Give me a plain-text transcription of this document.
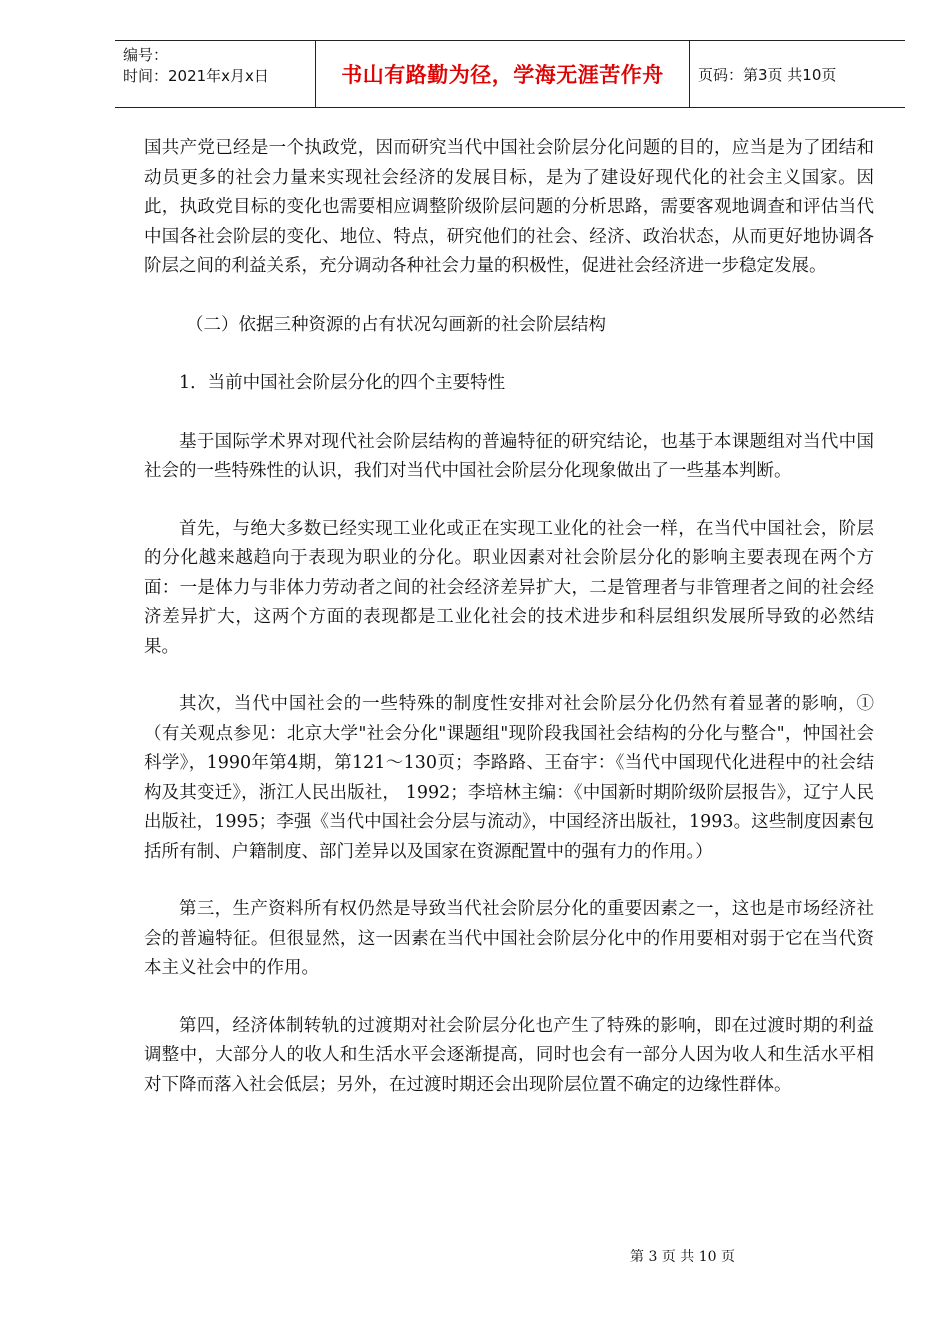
编号：
时间：2021年x月x日	书山有路勤为径，学海无涯苦作舟	页码：第3页 共10页

国共产党已经是一个执政党，因而研究当代中国社会阶层分化问题的目的，应当是为了团结和动员更多的社会力量来实现社会经济的发展目标，是为了建设好现代化的社会主义国家。因此，执政党目标的变化也需要相应调整阶级阶层问题的分析思路，需要客观地调查和评估当代中国各社会阶层的变化、地位、特点，研究他们的社会、经济、政治状态，从而更好地协调各阶层之间的利益关系，充分调动各种社会力量的积极性，促进社会经济进一步稳定发展。

（二）依据三种资源的占有状况勾画新的社会阶层结构

1．当前中国社会阶层分化的四个主要特性

基于国际学术界对现代社会阶层结构的普遍特征的研究结论，也基于本课题组对当代中国社会的一些特殊性的认识，我们对当代中国社会阶层分化现象做出了一些基本判断。

首先，与绝大多数已经实现工业化或正在实现工业化的社会一样，在当代中国社会，阶层的分化越来越趋向于表现为职业的分化。职业因素对社会阶层分化的影响主要表现在两个方面：一是体力与非体力劳动者之间的社会经济差异扩大，二是管理者与非管理者之间的社会经济差异扩大，这两个方面的表现都是工业化社会的技术进步和科层组织发展所导致的必然结果。

其次，当代中国社会的一些特殊的制度性安排对社会阶层分化仍然有着显著的影响，①（有关观点参见：北京大学"社会分化"课题组"现阶段我国社会结构的分化与整合"，忡国社会科学》，1990年第4期，第121～130页；李路路、王奋宇：《当代中国现代化进程中的社会结构及其变迁》，浙江人民出版社， 1992；李培林主编：《中国新时期阶级阶层报告》，辽宁人民出版社，1995；李强《当代中国社会分层与流动》，中国经济出版社，1993。这些制度因素包括所有制、户籍制度、部门差异以及国家在资源配置中的强有力的作用。）

第三，生产资料所有权仍然是导致当代社会阶层分化的重要因素之一，这也是市场经济社会的普遍特征。但很显然，这一因素在当代中国社会阶层分化中的作用要相对弱于它在当代资本主义社会中的作用。

第四，经济体制转轨的过渡期对社会阶层分化也产生了特殊的影响，即在过渡时期的利益调整中，大部分人的收人和生活水平会逐渐提高，同时也会有一部分人因为收人和生活水平相对下降而落入社会低层；另外，在过渡时期还会出现阶层位置不确定的边缘性群体。

第 3 页 共 10 页
